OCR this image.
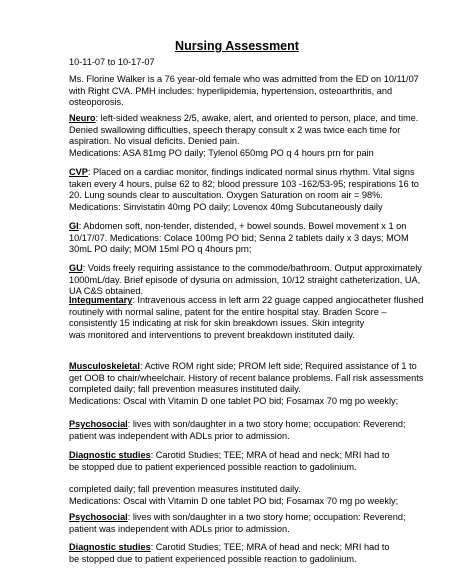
Nursing Assessment
10-11-07 to 10-17-07
Ms. Florine Walker is a 76 year-old female who was admitted from the ED on 10/11/07
with Right CVA. PMH includes: hyperlipidemia, hypertension, osteoarthritis, and
osteoporosis.
Neuro: left-sided weakness 2/5, awake, alert, and oriented to person, place, and time.
Denied swallowing difficulties, speech therapy consult x 2 was twice each time for
aspiration. No visual deficits. Denied pain.
Medications: ASA 81mg PO daily; Tylenol 650mg PO q 4 hours prn for pain
CVP: Placed on a cardiac monitor, findings indicated normal sinus rhythm. Vital signs
taken every 4 hours, pulse 62 to 82; blood pressure 103 -162/53-95; respirations 16 to
20. Lung sounds clear to auscultation. Oxygen Saturation on room air = 98%.
Medications: Sinvistatin 40mg PO daily; Lovenox 40mg Subcutaneously daily
GI: Abdomen soft, non-tender, distended, + bowel sounds. Bowel movement x 1 on
10/17/07. Medications: Colace 100mg PO bid; Senna 2 tablets daily x 3 days; MOM
30mL PO daily; MOM 15ml PO q 4hours prn;
GU: Voids freely requiring assistance to the commode/bathroom. Output approximately
1000mL/day. Brief episode of dysuria on admission, 10/12 straight catheterization, UA,
UA C&S obtained.
Integumentary: Intravenous access in left arm 22 guage capped angiocatheter flushed
routinely with normal saline, patent for the entire hospital stay. Braden Score –
consistently 15 indicating at risk for skin breakdown issues. Skin integrity
was monitored and interventions to prevent breakdown instituted daily.
Musculoskeletal: Active ROM right side; PROM left side; Required assistance of 1 to
get OOB to chair/wheelchair. History of recent balance problems. Fall risk assessments
completed daily; fall prevention measures instituted daily.
Medications: Oscal with Vitamin D one tablet PO bid; Fosamax 70 mg po weekly;
Psychosocial: lives with son/daughter in a two story home; occupation: Reverend;
patient was independent with ADLs prior to admission.
Diagnostic studies: Carotid Studies; TEE; MRA of head and neck; MRI had to
be stopped due to patient experienced possible reaction to gadolinium.
completed daily; fall prevention measures instituted daily.
Medications: Oscal with Vitamin D one tablet PO bid; Fosamax 70 mg po weekly;
Psychosocial: lives with son/daughter in a two story home; occupation: Reverend;
patient was independent with ADLs prior to admission.
Diagnostic studies: Carotid Studies; TEE; MRA of head and neck; MRI had to
be stopped due to patient experienced possible reaction to gadolinium.
